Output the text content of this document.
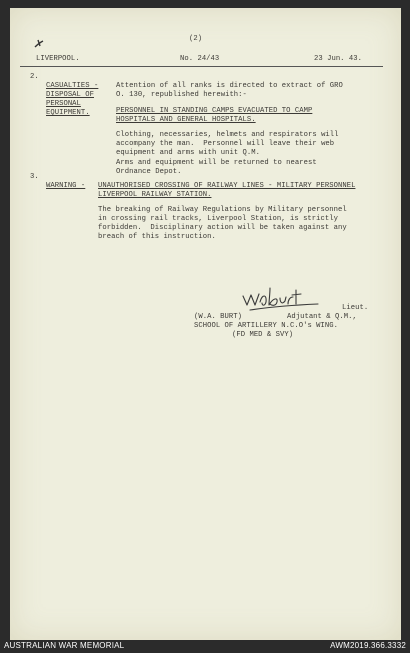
(2)
LIVERPOOL.	No. 24/43	23 Jun. 43.
2.

CASUALTIES -
DISPOSAL OF
PERSONAL
EQUIPMENT.

Attention of all ranks is directed to extract of GRO
O. 130, republished herewith:-

PERSONNEL IN STANDING CAMPS EVACUATED TO CAMP
HOSPITALS AND GENERAL HOSPITALS.

Clothing, necessaries, helmets and respirators will
accompany the man.  Personnel will leave their web
equipment and arms with unit Q.M.

Arms and equipment will be returned to nearest
Ordnance Depot.

3.

WARNING - UNAUTHORISED CROSSING OF RAILWAY LINES - MILITARY PERSONNEL
LIVERPOOL RAILWAY STATION.

The breaking of Railway Regulations by Military personnel
in crossing rail tracks, Liverpool Station, is strictly
forbidden.  Disciplinary action will be taken against any
breach of this instruction.

Lieut.
(W.A. BURT)	Adjutant & Q.M.,
SCHOOL OF ARTILLERY N.C.O's WING.
(FD MED & SVY)
AUSTRALIAN WAR MEMORIAL	AWM2019.366.3332
